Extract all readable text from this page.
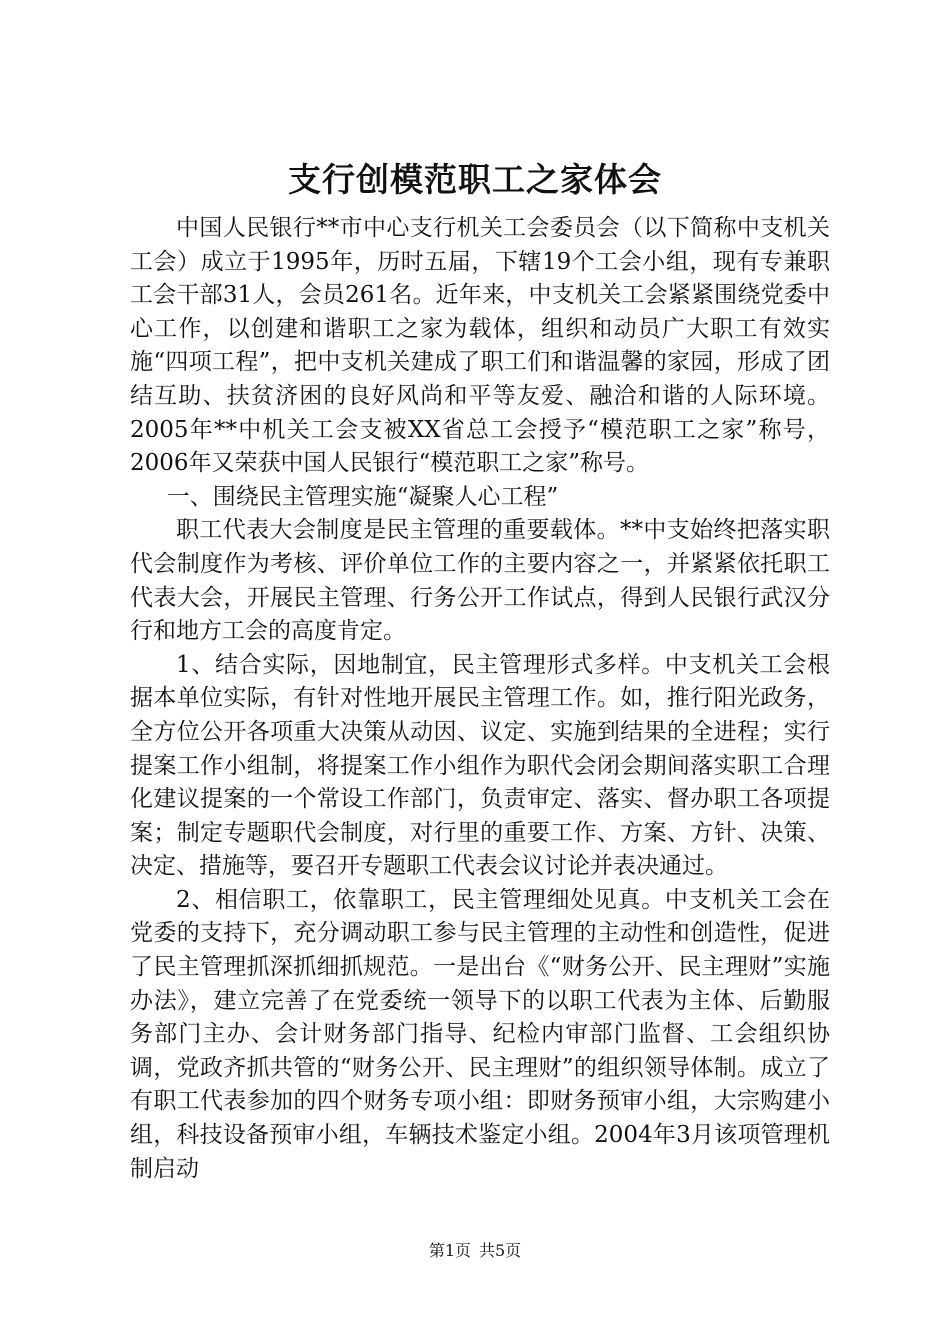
支行创模范职工之家体会

中国人民银行**市中心支行机关工会委员会（以下简称中支机关工会）成立于1995年，历时五届，下辖19个工会小组，现有专兼职工会干部31人，会员261名。近年来，中支机关工会紧紧围绕党委中心工作，以创建和谐职工之家为载体，组织和动员广大职工有效实施“四项工程”，把中支机关建成了职工们和谐温馨的家园，形成了团结互助、扶贫济困的良好风尚和平等友爱、融洽和谐的人际环境。2005年**中机关工会支被XX省总工会授予“模范职工之家”称号，2006年又荣获中国人民银行“模范职工之家”称号。

一、围绕民主管理实施“凝聚人心工程”

职工代表大会制度是民主管理的重要载体。**中支始终把落实职代会制度作为考核、评价单位工作的主要内容之一，并紧紧依托职工代表大会，开展民主管理、行务公开工作试点，得到人民银行武汉分行和地方工会的高度肯定。

1、结合实际，因地制宜，民主管理形式多样。中支机关工会根据本单位实际，有针对性地开展民主管理工作。如，推行阳光政务，全方位公开各项重大决策从动因、议定、实施到结果的全进程；实行提案工作小组制，将提案工作小组作为职代会闭会期间落实职工合理化建议提案的一个常设工作部门，负责审定、落实、督办职工各项提案；制定专题职代会制度，对行里的重要工作、方案、方针、决策、决定、措施等，要召开专题职工代表会议讨论并表决通过。

2、相信职工，依靠职工，民主管理细处见真。中支机关工会在党委的支持下，充分调动职工参与民主管理的主动性和创造性，促进了民主管理抓深抓细抓规范。一是出台《“财务公开、民主理财”实施办法》，建立完善了在党委统一领导下的以职工代表为主体、后勤服务部门主办、会计财务部门指导、纪检内审部门监督、工会组织协调，党政齐抓共管的“财务公开、民主理财”的组织领导体制。成立了有职工代表参加的四个财务专项小组：即财务预审小组，大宗购建小组，科技设备预审小组，车辆技术鉴定小组。2004年3月该项管理机制启动

第1页 共5页
